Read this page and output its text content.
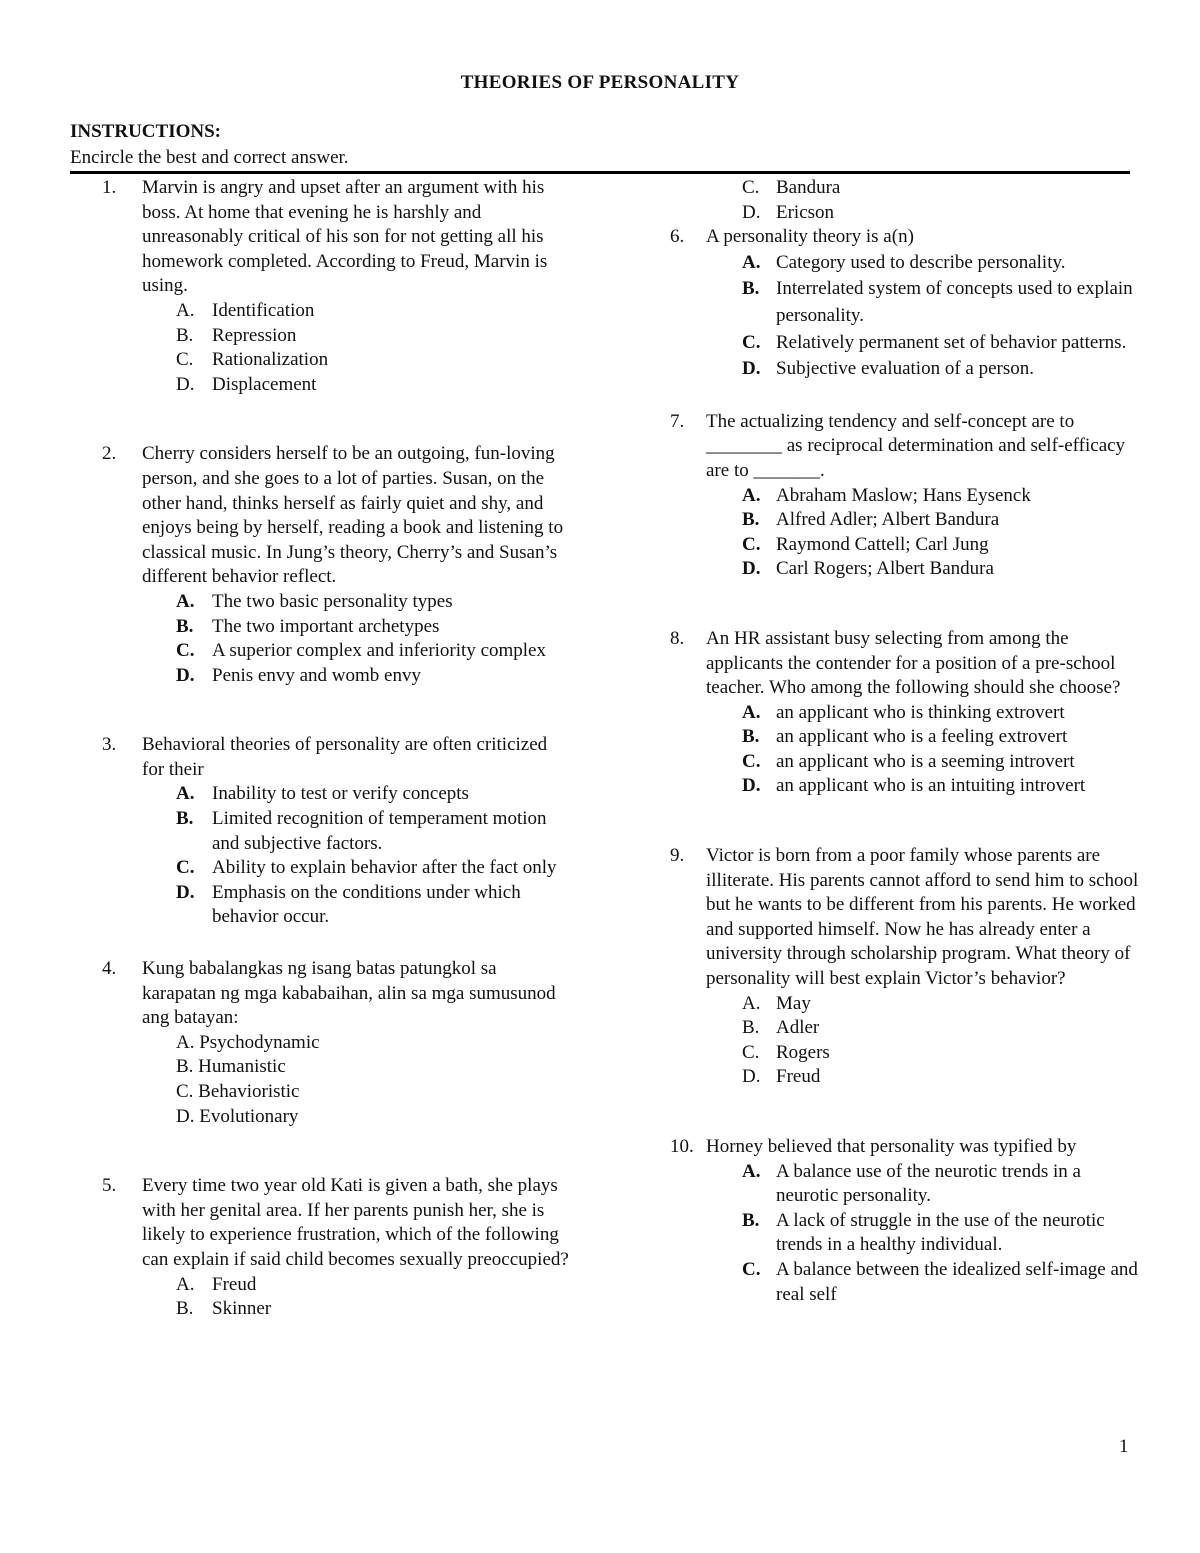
THEORIES OF PERSONALITY
INSTRUCTIONS:
Encircle the best and correct answer.
1. Marvin is angry and upset after an argument with his boss. At home that evening he is harshly and unreasonably critical of his son for not getting all his homework completed. According to Freud, Marvin is using.
A. Identification
B. Repression
C. Rationalization
D. Displacement
2. Cherry considers herself to be an outgoing, fun-loving person, and she goes to a lot of parties. Susan, on the other hand, thinks herself as fairly quiet and shy, and enjoys being by herself, reading a book and listening to classical music. In Jung’s theory, Cherry’s and Susan’s different behavior reflect.
A. The two basic personality types
B. The two important archetypes
C. A superior complex and inferiority complex
D. Penis envy and womb envy
3. Behavioral theories of personality are often criticized for their
A. Inability to test or verify concepts
B. Limited recognition of temperament motion and subjective factors.
C. Ability to explain behavior after the fact only
D. Emphasis on the conditions under which behavior occur.
4. Kung babalangkas ng isang batas patungkol sa karapatan ng mga kababaihan, alin sa mga sumusunod ang batayan:
A. Psychodynamic
B. Humanistic
C. Behavioristic
D. Evolutionary
5. Every time two year old Kati is given a bath, she plays with her genital area. If her parents punish her, she is likely to experience frustration, which of the following can explain if said child becomes sexually preoccupied?
A. Freud
B. Skinner
C. Bandura
D. Ericson
6. A personality theory is a(n)
A. Category used to describe personality.
B. Interrelated system of concepts used to explain personality.
C. Relatively permanent set of behavior patterns.
D. Subjective evaluation of a person.
7. The actualizing tendency and self-concept are to ________ as reciprocal determination and self-efficacy are to _______.
A. Abraham Maslow; Hans Eysenck
B. Alfred Adler; Albert Bandura
C. Raymond Cattell; Carl Jung
D. Carl Rogers; Albert Bandura
8. An HR assistant busy selecting from among the applicants the contender for a position of a pre-school teacher. Who among the following should she choose?
A. an applicant who is thinking extrovert
B. an applicant who is a feeling extrovert
C. an applicant who is a seeming introvert
D. an applicant who is an intuiting introvert
9. Victor is born from a poor family whose parents are illiterate. His parents cannot afford to send him to school but he wants to be different from his parents. He worked and supported himself. Now he has already enter a university through scholarship program. What theory of personality will best explain Victor’s behavior?
A. May
B. Adler
C. Rogers
D. Freud
10. Horney believed that personality was typified by
A. A balance use of the neurotic trends in a neurotic personality.
B. A lack of struggle in the use of the neurotic trends in a healthy individual.
C. A balance between the idealized self-image and real self
1
